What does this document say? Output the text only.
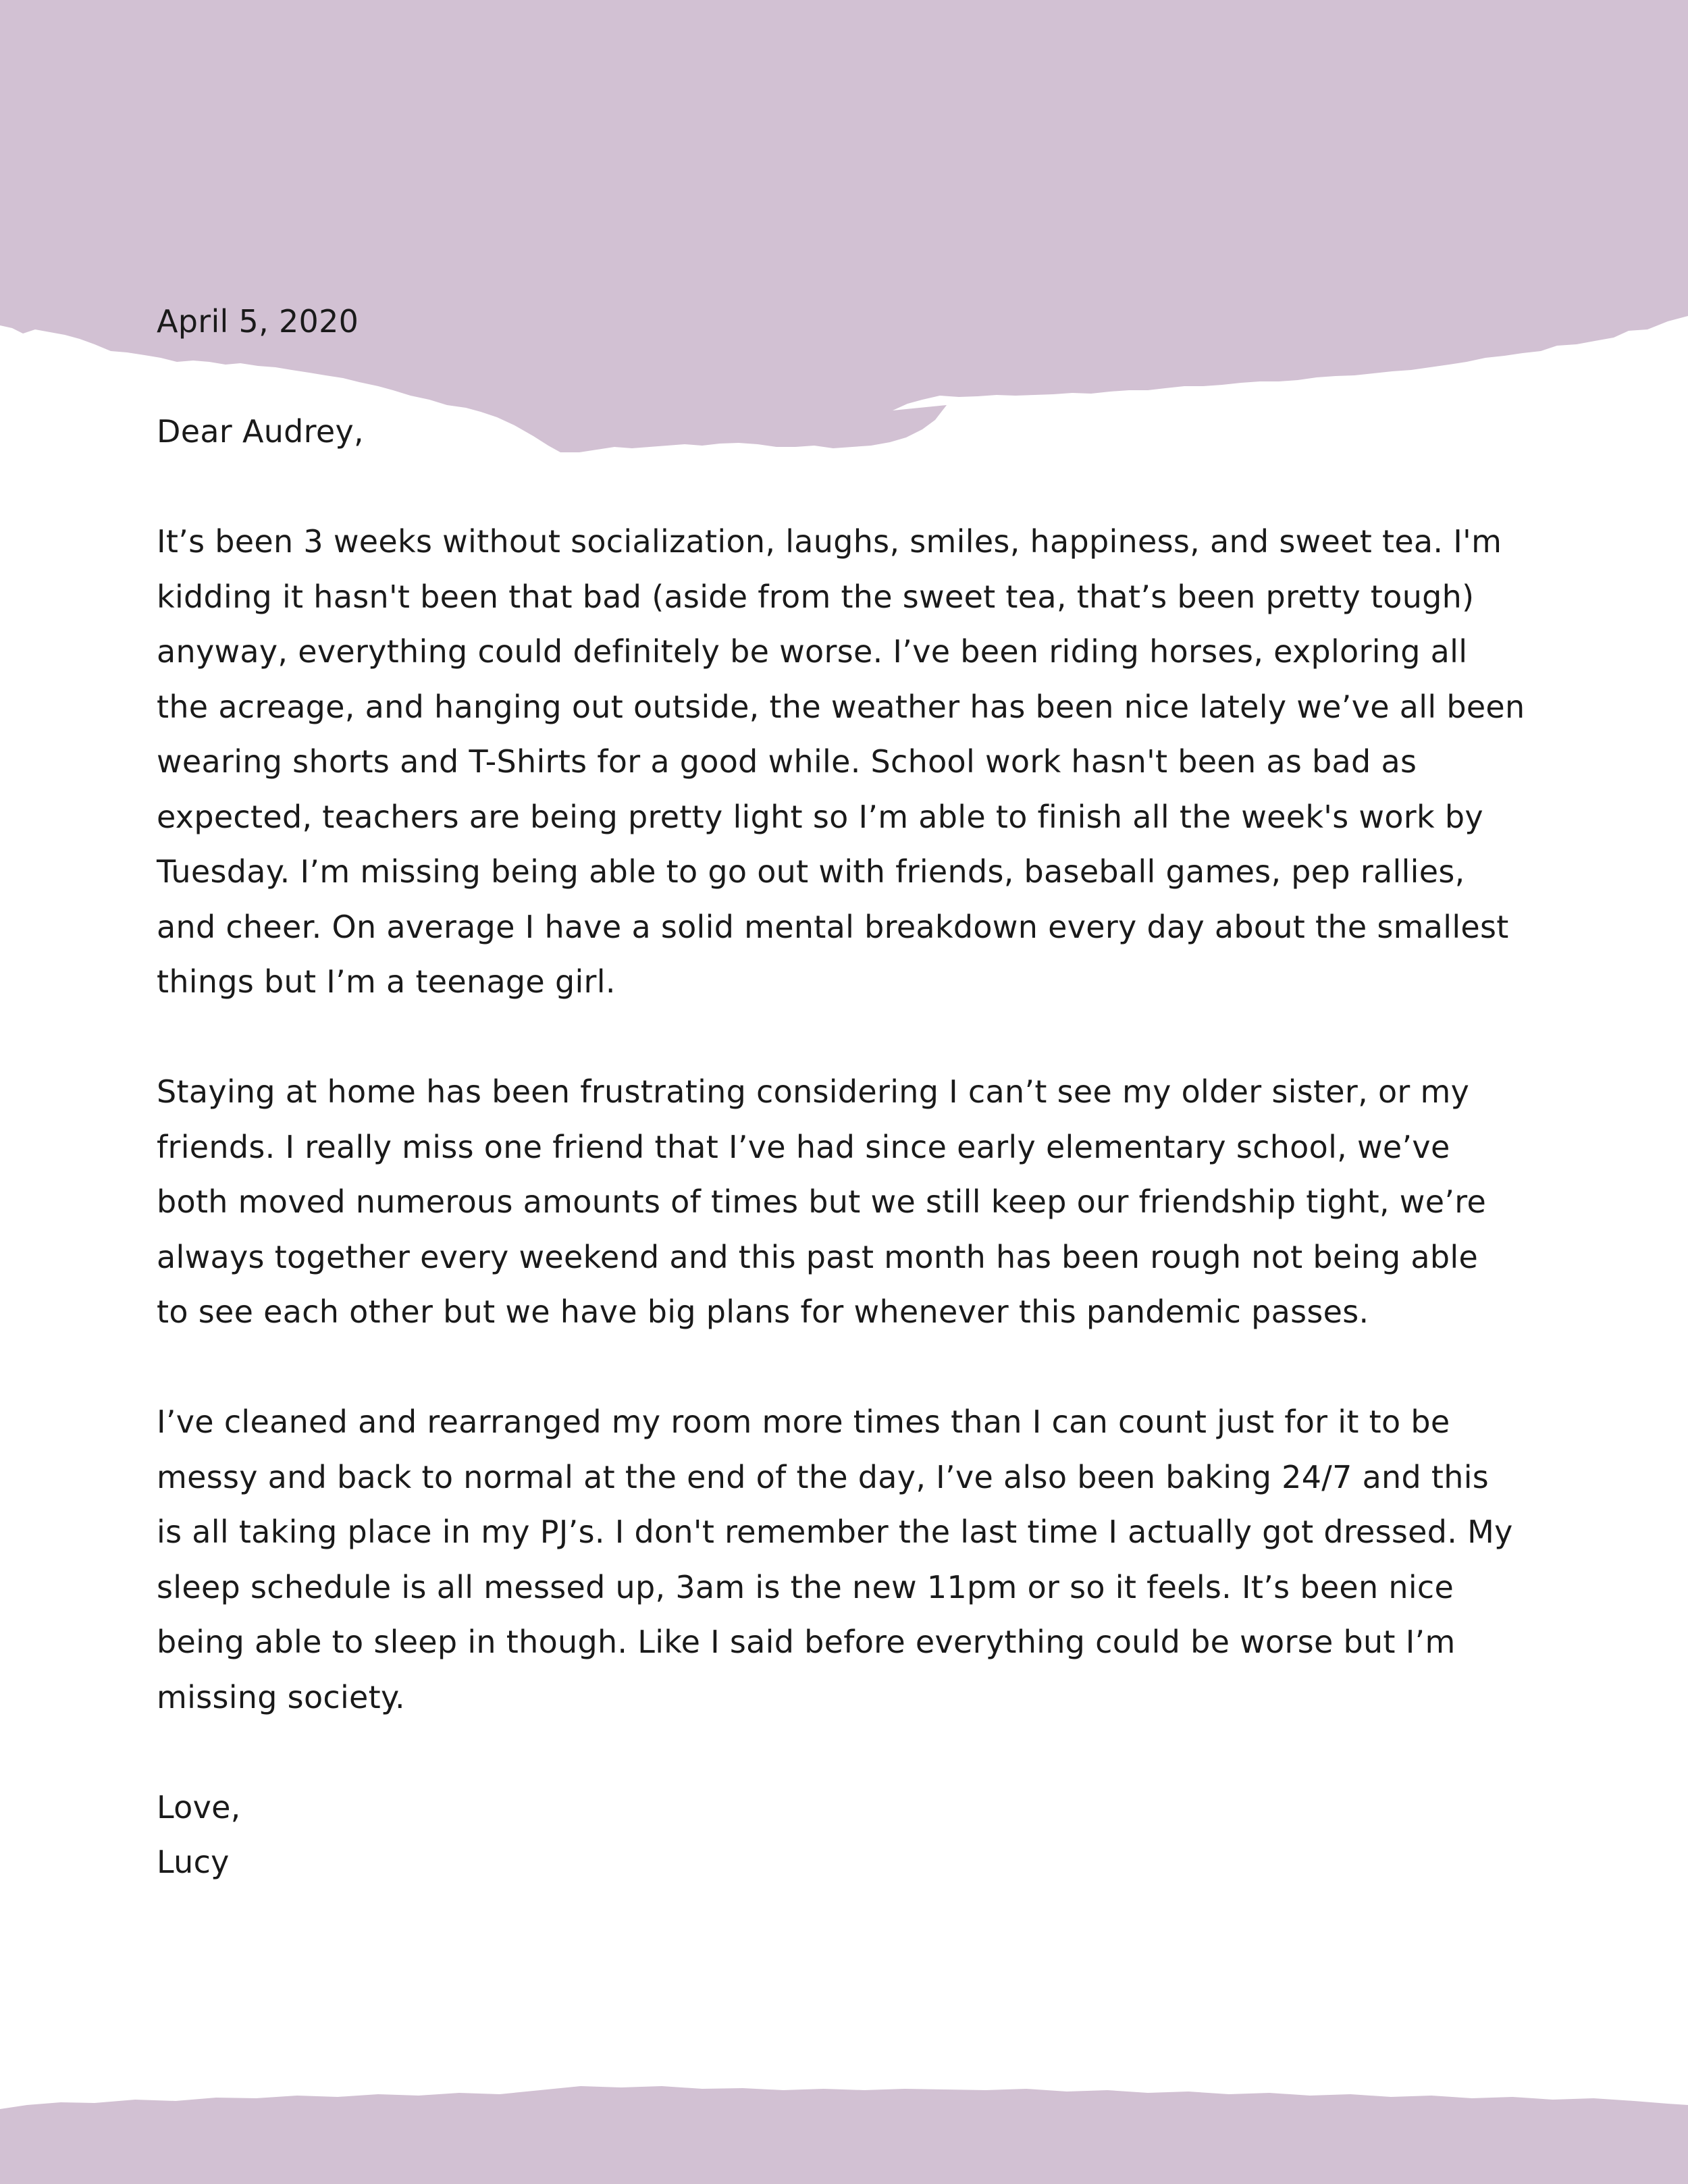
April 5, 2020
Dear Audrey,
It’s been 3 weeks without socialization, laughs, smiles, happiness, and sweet tea. I'm
kidding it hasn't been that bad (aside from the sweet tea, that’s been pretty tough)
anyway, everything could definitely be worse. I’ve been riding horses, exploring all
the acreage, and hanging out outside, the weather has been nice lately we’ve all been
wearing shorts and T-Shirts for a good while. School work hasn't been as bad as
expected, teachers are being pretty light so I’m able to finish all the week's work by
Tuesday. I’m missing being able to go out with friends, baseball games, pep rallies,
and cheer. On average I have a solid mental breakdown every day about the smallest
things but I’m a teenage girl.
Staying at home has been frustrating considering I can’t see my older sister, or my
friends. I really miss one friend that I’ve had since early elementary school, we’ve
both moved numerous amounts of times but we still keep our friendship tight, we’re
always together every weekend and this past month has been rough not being able
to see each other but we have big plans for whenever this pandemic passes.
I’ve cleaned and rearranged my room more times than I can count just for it to be
messy and back to normal at the end of the day, I’ve also been baking 24/7 and this
is all taking place in my PJ’s. I don't remember the last time I actually got dressed. My
sleep schedule is all messed up, 3am is the new 11pm or so it feels. It’s been nice
being able to sleep in though. Like I said before everything could be worse but I’m
missing society.
Love,
Lucy
